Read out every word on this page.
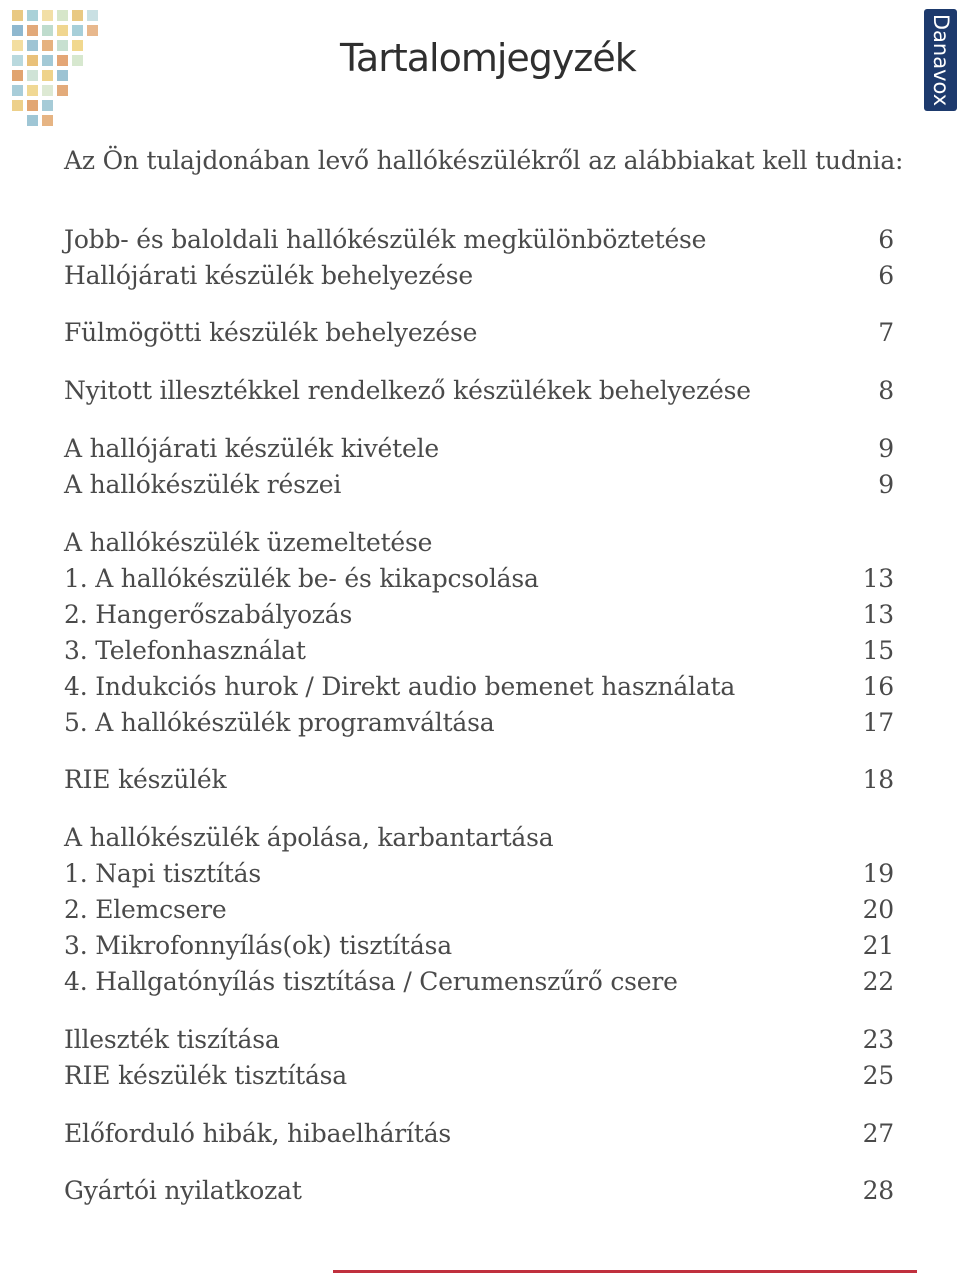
Tartalomjegyzék	Danavox
Az Ön tulajdonában levő hallókészülékről az alábbiakat kell tudnia:
Jobb- és baloldali hallókészülék megkülönböztetése	6
Hallójárati készülék behelyezése	6
Fülmögötti készülék behelyezése	7
Nyitott illesztékkel rendelkező készülékek behelyezése	8
A hallójárati készülék kivétele	9
A hallókészülék részei	9
A hallókészülék üzemeltetése
1. A hallókészülék be- és kikapcsolása	13
2. Hangerőszabályozás	13
3. Telefonhasználat	15
4. Indukciós hurok / Direkt audio bemenet használata	16
5. A hallókészülék programváltása	17
RIE készülék	18
A hallókészülék ápolása, karbantartása
1. Napi tisztítás	19
2. Elemcsere	20
3. Mikrofonnyílás(ok) tisztítása	21
4. Hallgatónyílás tisztítása / Cerumenszűrő csere	22
Illeszték tiszítása	23
RIE készülék tisztítása	25
Előforduló hibák, hibaelhárítás	27
Gyártói nyilatkozat	28
